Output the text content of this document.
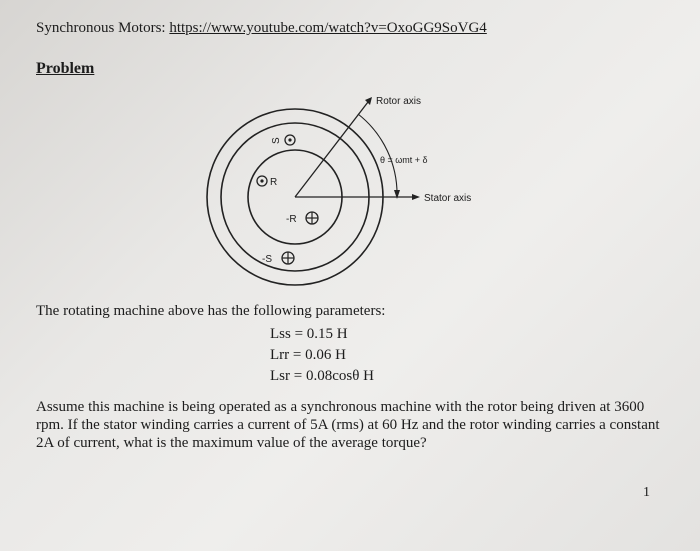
Synchronous Motors: https://www.youtube.com/watch?v=OxoGG9SoVG4
Problem
Rotor axis
Stator axis
θ = ωmt + δ
S
R
-R
-S
The rotating machine above has the following parameters:
Lss = 0.15 H
Lrr = 0.06 H
Lsr = 0.08cosθ H
Assume this machine is being operated as a synchronous machine with the rotor being driven at 3600 rpm. If the stator winding carries a current of 5A (rms) at 60 Hz and the rotor winding carries a constant 2A of current, what is the maximum value of the average torque?
1
